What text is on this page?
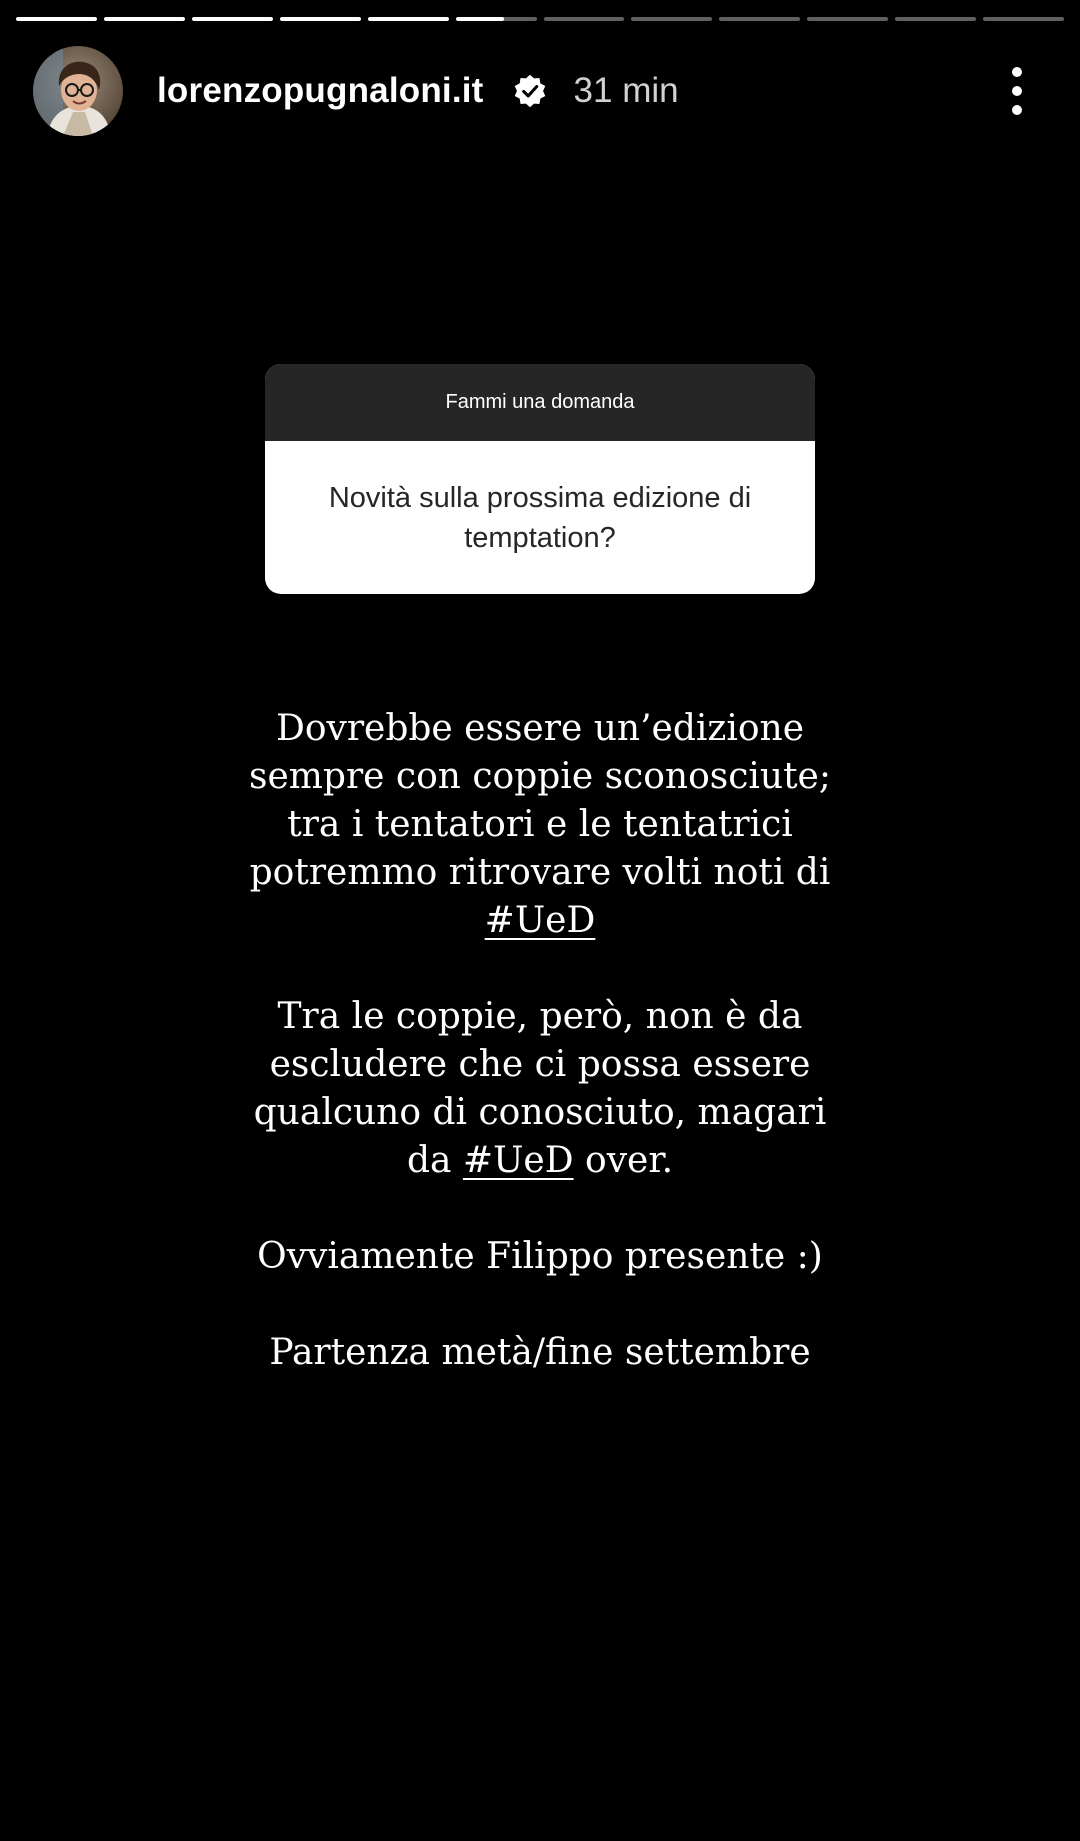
lorenzopugnaloni.it	31 min
Fammi una domanda
Novità sulla prossima edizione di temptation?

Dovrebbe essere un’edizione sempre con coppie sconosciute; tra i tentatori e le tentatrici potremmo ritrovare volti noti di #UeD

Tra le coppie, però, non è da escludere che ci possa essere qualcuno di conosciuto, magari da #UeD over.

Ovviamente Filippo presente :)

Partenza metà/fine settembre
